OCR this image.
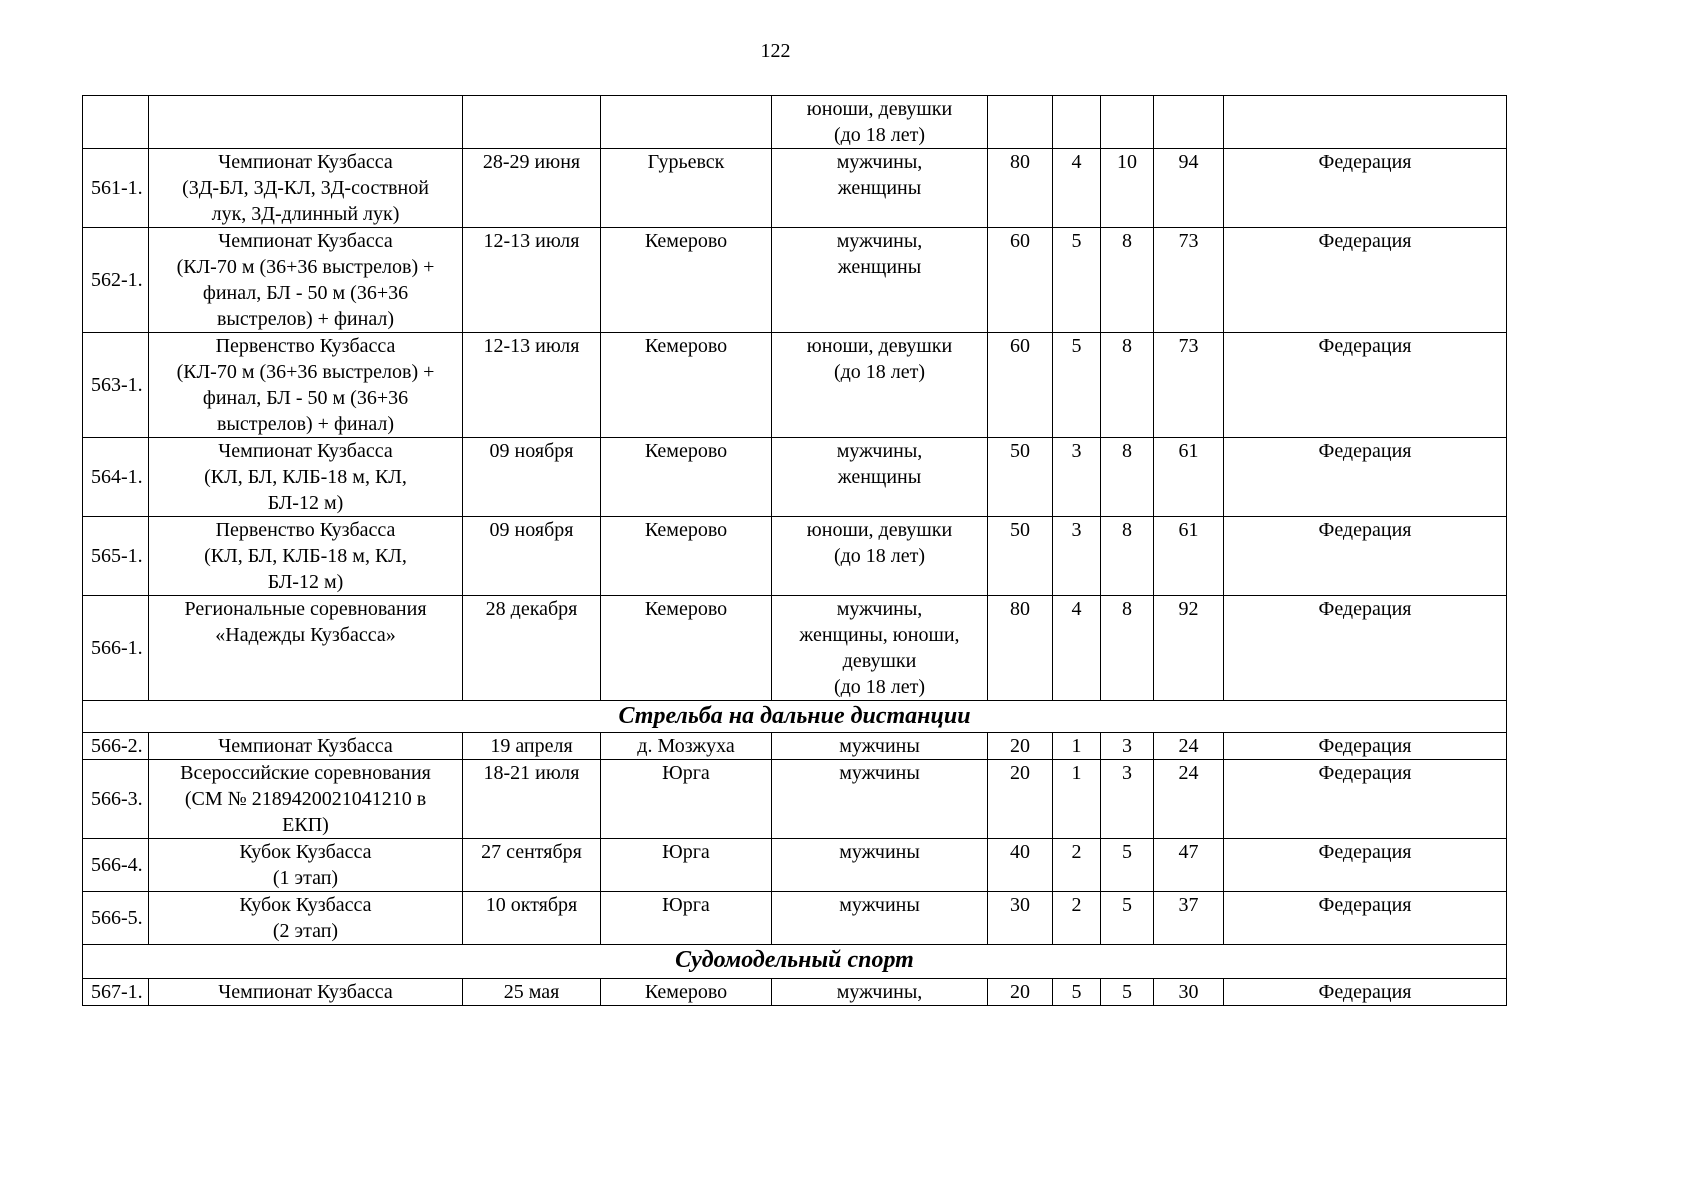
122

				юноши, девушки
(до 18 лет)					

561-1.	Чемпионат Кузбасса
(3Д-БЛ, 3Д-КЛ, 3Д-соствной
лук, 3Д-длинный лук)	28-29 июня	Гурьевск	мужчины,
женщины	80	4	10	94	Федерация
562-1.	Чемпионат Кузбасса
(КЛ-70 м (36+36 выстрелов) +
финал, БЛ - 50 м (36+36
выстрелов) + финал)	12-13 июля	Кемерово	мужчины,
женщины	60	5	8	73	Федерация
563-1.	Первенство Кузбасса
(КЛ-70 м (36+36 выстрелов) +
финал, БЛ - 50 м (36+36
выстрелов) + финал)	12-13 июля	Кемерово	юноши, девушки
(до 18 лет)	60	5	8	73	Федерация
564-1.	Чемпионат Кузбасса
(КЛ, БЛ, КЛБ-18 м, КЛ,
БЛ-12 м)	09 ноября	Кемерово	мужчины,
женщины	50	3	8	61	Федерация
565-1.	Первенство Кузбасса
(КЛ, БЛ, КЛБ-18 м, КЛ,
БЛ-12 м)	09 ноября	Кемерово	юноши, девушки
(до 18 лет)	50	3	8	61	Федерация
566-1.	Региональные соревнования
«Надежды Кузбасса»	28 декабря	Кемерово	мужчины,
женщины, юноши,
девушки
(до 18 лет)	80	4	8	92	Федерация
Стрельба на дальние дистанции									
566-2.	Чемпионат Кузбасса	19 апреля	д. Мозжуха	мужчины	20	1	3	24	Федерация
566-3.	Всероссийские соревнования
(СМ № 2189420021041210 в
ЕКП)	18-21 июля	Юрга	мужчины	20	1	3	24	Федерация
566-4.	Кубок Кузбасса
(1 этап)	27 сентября	Юрга	мужчины	40	2	5	47	Федерация
566-5.	Кубок Кузбасса
(2 этап)	10 октября	Юрга	мужчины	30	2	5	37	Федерация
Судомодельный спорт									
567-1.	Чемпионат Кузбасса	25 мая	Кемерово	мужчины,	20	5	5	30	Федерация
